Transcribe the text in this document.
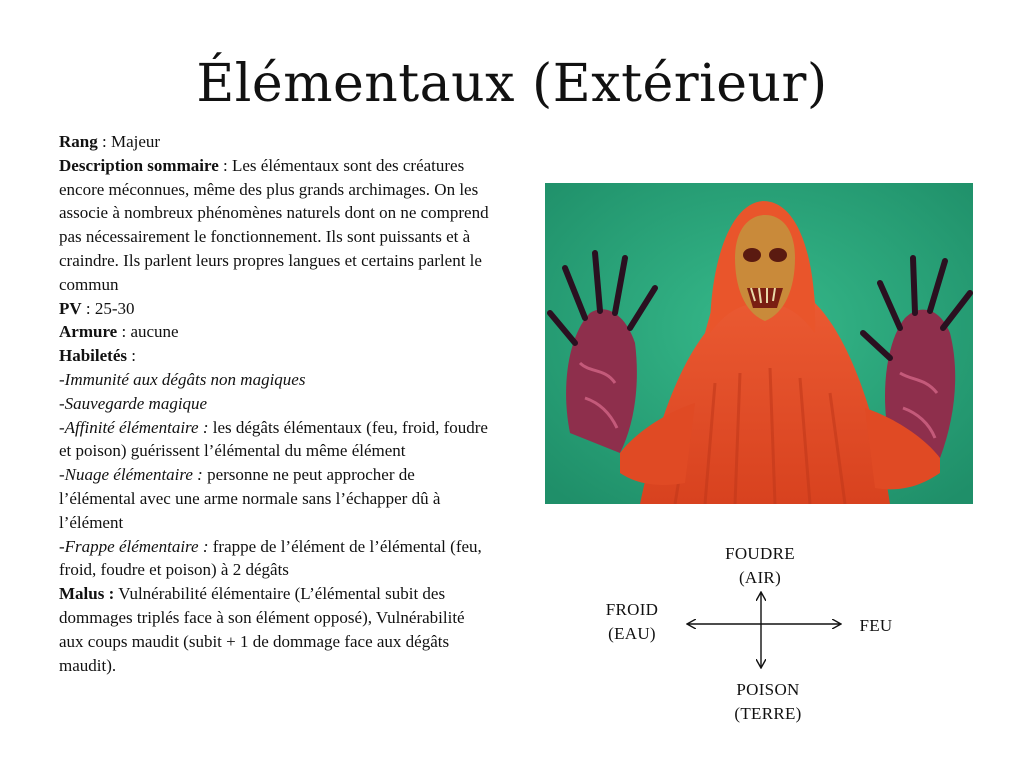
Élémentaux (Extérieur)

Rang : Majeur

Description sommaire : Les élémentaux sont des créatures encore méconnues, même des plus grands archimages. On les associe à nombreux phénomènes naturels dont on ne comprend pas nécessairement le fonctionnement. Ils sont puissants et à craindre. Ils parlent leurs propres langues et certains parlent le commun

PV : 25-30

Armure : aucune

Habiletés :

-Immunité aux dégâts non magiques

-Sauvegarde magique

-Affinité élémentaire : les dégâts élémentaux (feu, froid, foudre et poison) guérissent l’élémental du même élément

-Nuage élémentaire : personne ne peut approcher de l’élémental avec une arme normale sans l’échapper dû à l’élément

-Frappe élémentaire : frappe de l’élément de l’élémental (feu, froid, foudre et poison) à 2 dégâts

Malus : Vulnérabilité élémentaire (L’élémental subit des dommages triplés face à son élément opposé), Vulnérabilité aux coups maudit (subit + 1 de dommage face aux dégâts maudit).

FOUDRE
(AIR)
FROID
(EAU)	FEU
POISON
(TERRE)
